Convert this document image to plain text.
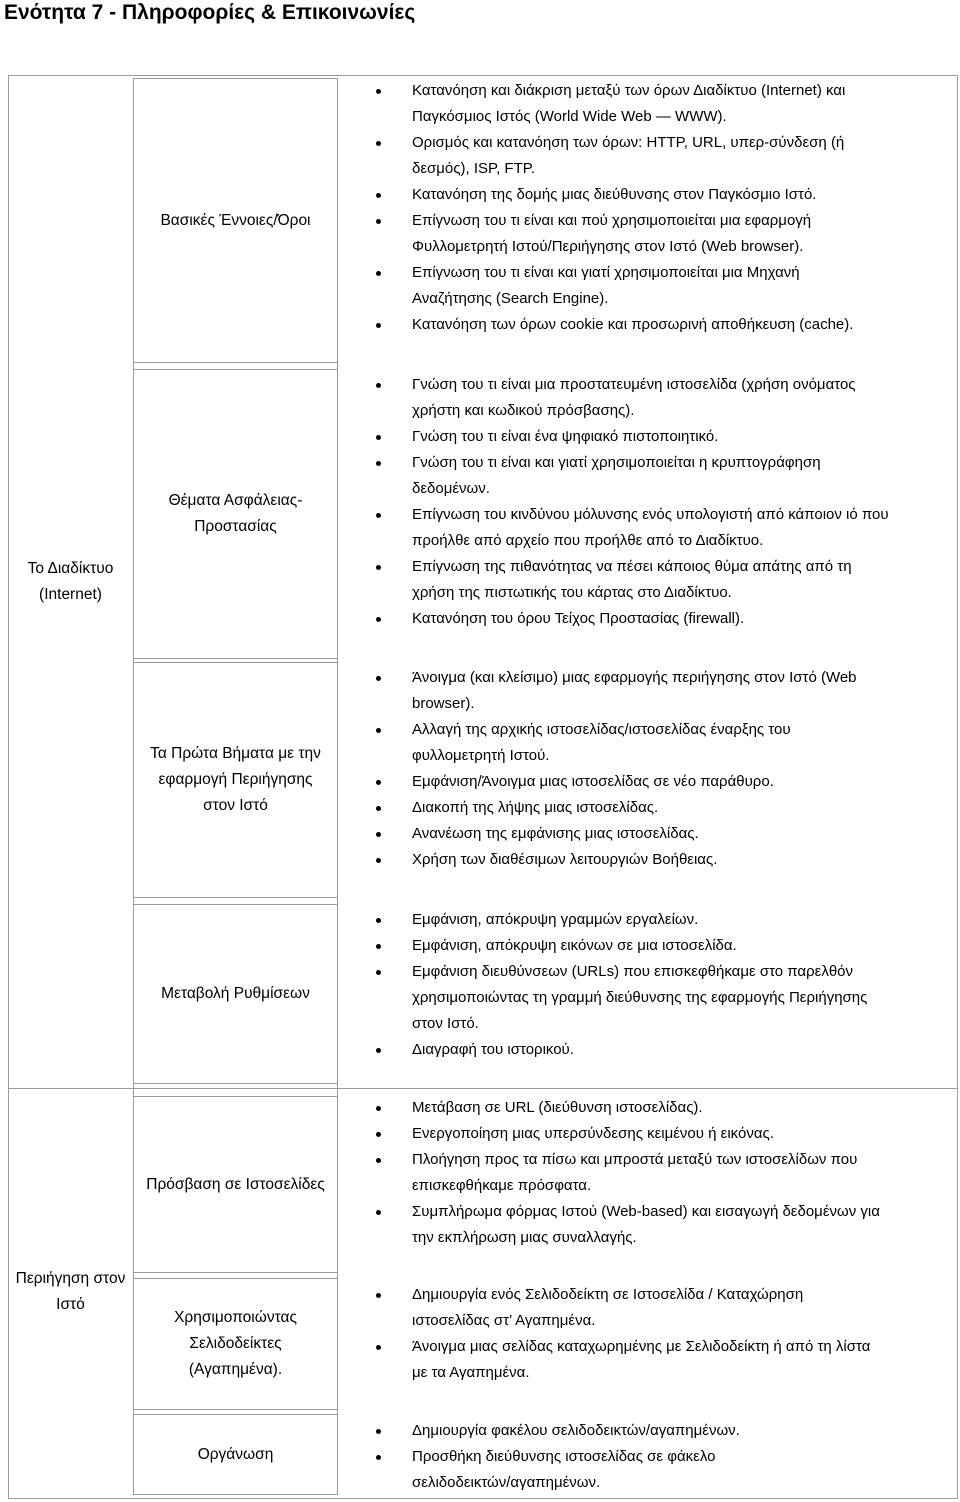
Ενότητα 7 - Πληροφορίες & Επικοινωνίες
Το Διαδίκτυο
(Internet)
Βασικές Έννοιες/Όροι
Κατανόηση και διάκριση μεταξύ των όρων Διαδίκτυο (Internet) και
Παγκόσμιος Ιστός (World Wide Web — WWW).
Ορισμός και κατανόηση των όρων: HTTP, URL, υπερ-σύνδεση (ή
δεσμός), ISP, FTP.
Κατανόηση της δομής μιας διεύθυνσης στον Παγκόσμιο Ιστό.
Επίγνωση του τι είναι και πού χρησιμοποιείται μια εφαρμογή
Φυλλομετρητή Ιστού/Περιήγησης στον Ιστό (Web browser).
Επίγνωση του τι είναι και γιατί χρησιμοποιείται μια Μηχανή
Αναζήτησης (Search Engine).
Κατανόηση των όρων cookie και προσωρινή αποθήκευση (cache).
Θέματα Ασφάλειας-
Προστασίας
Γνώση του τι είναι μια προστατευμένη ιστοσελίδα (χρήση ονόματος
χρήστη και κωδικού πρόσβασης).
Γνώση του τι είναι ένα ψηφιακό πιστοποιητικό.
Γνώση του τι είναι και γιατί χρησιμοποιείται η κρυπτογράφηση
δεδομένων.
Επίγνωση του κινδύνου μόλυνσης ενός υπολογιστή από κάποιον ιό που
προήλθε από αρχείο που προήλθε από το Διαδίκτυο.
Επίγνωση της πιθανότητας να πέσει κάποιος θύμα απάτης από τη
χρήση της πιστωτικής του κάρτας στο Διαδίκτυο.
Κατανόηση του όρου Τείχος Προστασίας (firewall).
Τα Πρώτα Βήματα με την
εφαρμογή Περιήγησης
στον Ιστό
Άνοιγμα (και κλείσιμο) μιας εφαρμογής περιήγησης στον Ιστό (Web
browser).
Αλλαγή της αρχικής ιστοσελίδας/ιστοσελίδας έναρξης του
φυλλομετρητή Ιστού.
Εμφάνιση/Άνοιγμα μιας ιστοσελίδας σε νέο παράθυρο.
Διακοπή της λήψης μιας ιστοσελίδας.
Ανανέωση της εμφάνισης μιας ιστοσελίδας.
Χρήση των διαθέσιμων λειτουργιών Βοήθειας.
Μεταβολή Ρυθμίσεων
Εμφάνιση, απόκρυψη γραμμών εργαλείων.
Εμφάνιση, απόκρυψη εικόνων σε μια ιστοσελίδα.
Εμφάνιση διευθύνσεων (URLs) που επισκεφθήκαμε στο παρελθόν
χρησιμοποιώντας τη γραμμή διεύθυνσης της εφαρμογής Περιήγησης
στον Ιστό.
Διαγραφή του ιστορικού.
Περιήγηση στον
Ιστό
Πρόσβαση σε Ιστοσελίδες
Μετάβαση σε URL (διεύθυνση ιστοσελίδας).
Ενεργοποίηση μιας υπερσύνδεσης κειμένου ή εικόνας.
Πλοήγηση προς τα πίσω και μπροστά μεταξύ των ιστοσελίδων που
επισκεφθήκαμε πρόσφατα.
Συμπλήρωμα φόρμας Ιστού (Web-based) και εισαγωγή δεδομένων για
την εκπλήρωση μιας συναλλαγής.
Χρησιμοποιώντας
Σελιδοδείκτες
(Αγαπημένα).
Δημιουργία ενός Σελιδοδείκτη σε Ιστοσελίδα / Καταχώρηση
ιστοσελίδας στ’ Αγαπημένα.
Άνοιγμα μιας σελίδας καταχωρημένης με Σελιδοδείκτη ή από τη λίστα
με τα Αγαπημένα.
Οργάνωση
Δημιουργία φακέλου σελιδοδεικτών/αγαπημένων.
Προσθήκη διεύθυνσης ιστοσελίδας σε φάκελο
σελιδοδεικτών/αγαπημένων.
